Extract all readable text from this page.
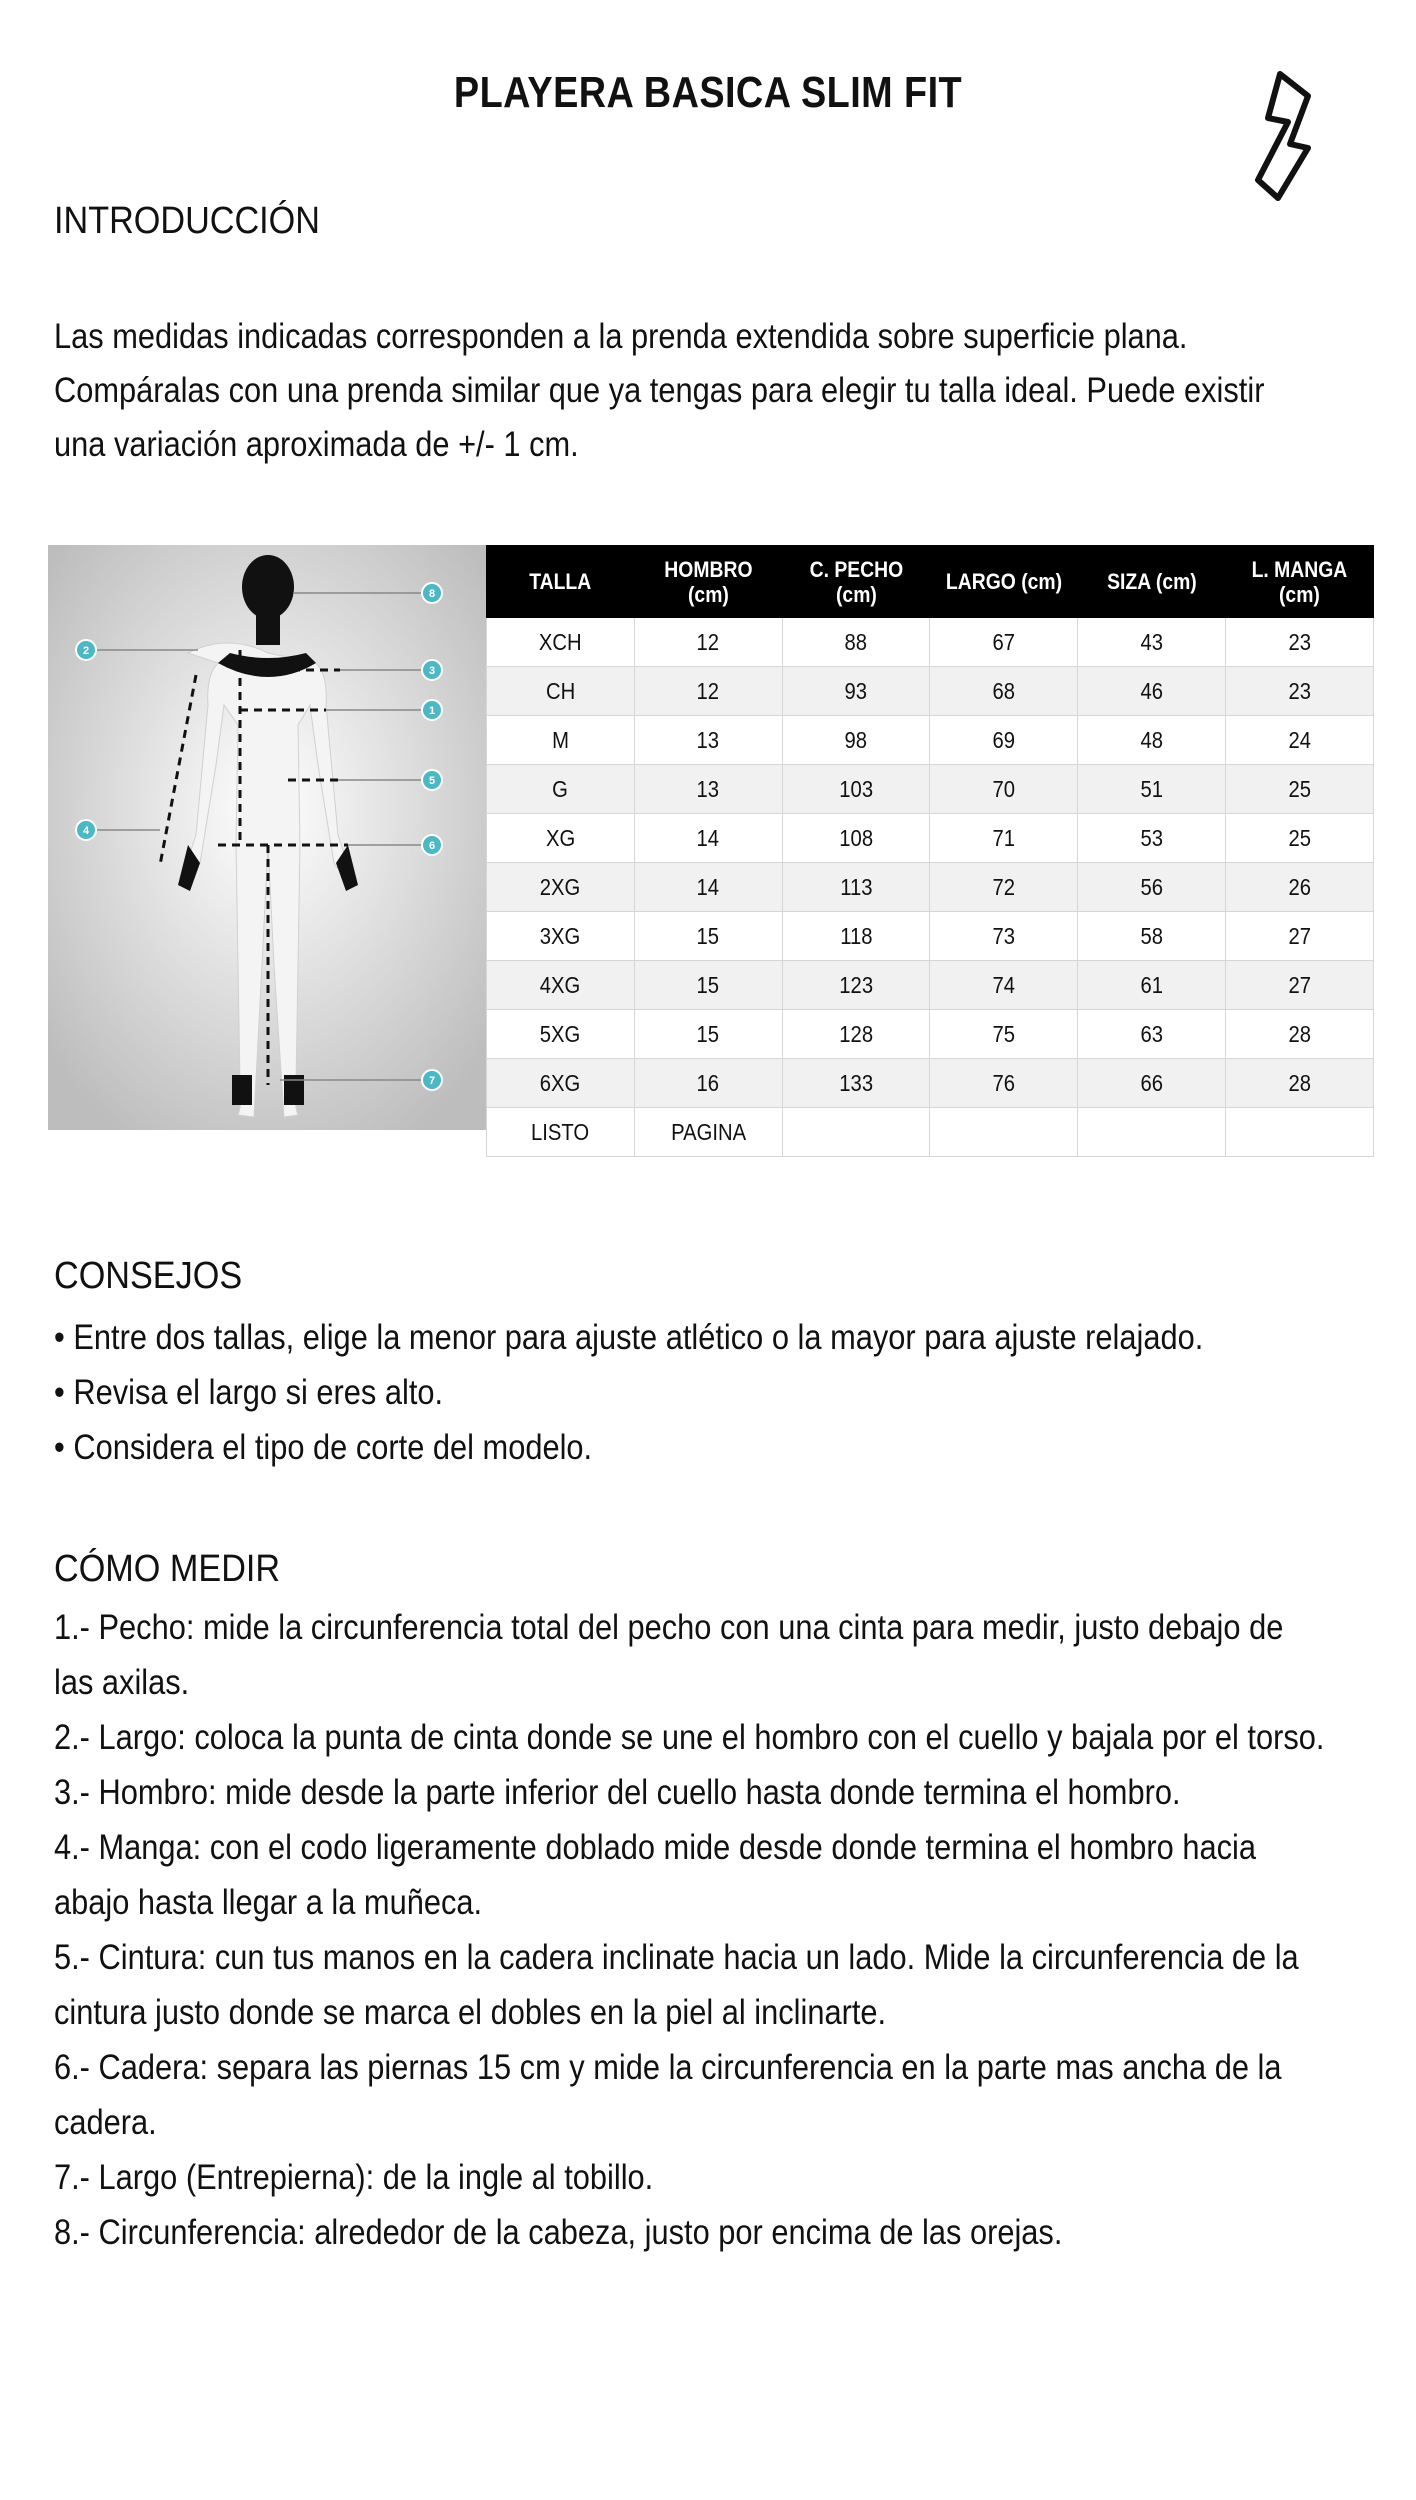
PLAYERA BASICA SLIM FIT
INTRODUCCIÓN
Las medidas indicadas corresponden a la prenda extendida sobre superficie plana. Compáralas con una prenda similar que ya tengas para elegir tu talla ideal. Puede existir una variación aproximada de +/- 1 cm.
8
2
3
1
5
4
6
7
TALLA	HOMBRO (cm)	C. PECHO (cm)	LARGO (cm)	SIZA (cm)	L. MANGA (cm)
XCH	12	88	67	43	23
CH	12	93	68	46	23
M	13	98	69	48	24
G	13	103	70	51	25
XG	14	108	71	53	25
2XG	14	113	72	56	26
3XG	15	118	73	58	27
4XG	15	123	74	61	27
5XG	15	128	75	63	28
6XG	16	133	76	66	28
LISTO	PAGINA				
CONSEJOS
• Entre dos tallas, elige la menor para ajuste atlético o la mayor para ajuste relajado.
• Revisa el largo si eres alto.
• Considera el tipo de corte del modelo.
CÓMO MEDIR
1.- Pecho: mide la circunferencia total del pecho con una cinta para medir, justo debajo de
las axilas.
2.- Largo: coloca la punta de cinta donde se une el hombro con el cuello y bajala por el torso.
3.- Hombro: mide desde la parte inferior del cuello hasta donde termina el hombro.
4.- Manga: con el codo ligeramente doblado mide desde donde termina el hombro hacia
abajo hasta llegar a la muñeca.
5.- Cintura: cun tus manos en la cadera inclinate hacia un lado. Mide la circunferencia de la
cintura justo donde se marca el dobles en la piel al inclinarte.
6.- Cadera: separa las piernas 15 cm y mide la circunferencia en la parte mas ancha de la
cadera.
7.- Largo (Entrepierna): de la ingle al tobillo.
8.- Circunferencia: alrededor de la cabeza, justo por encima de las orejas.
